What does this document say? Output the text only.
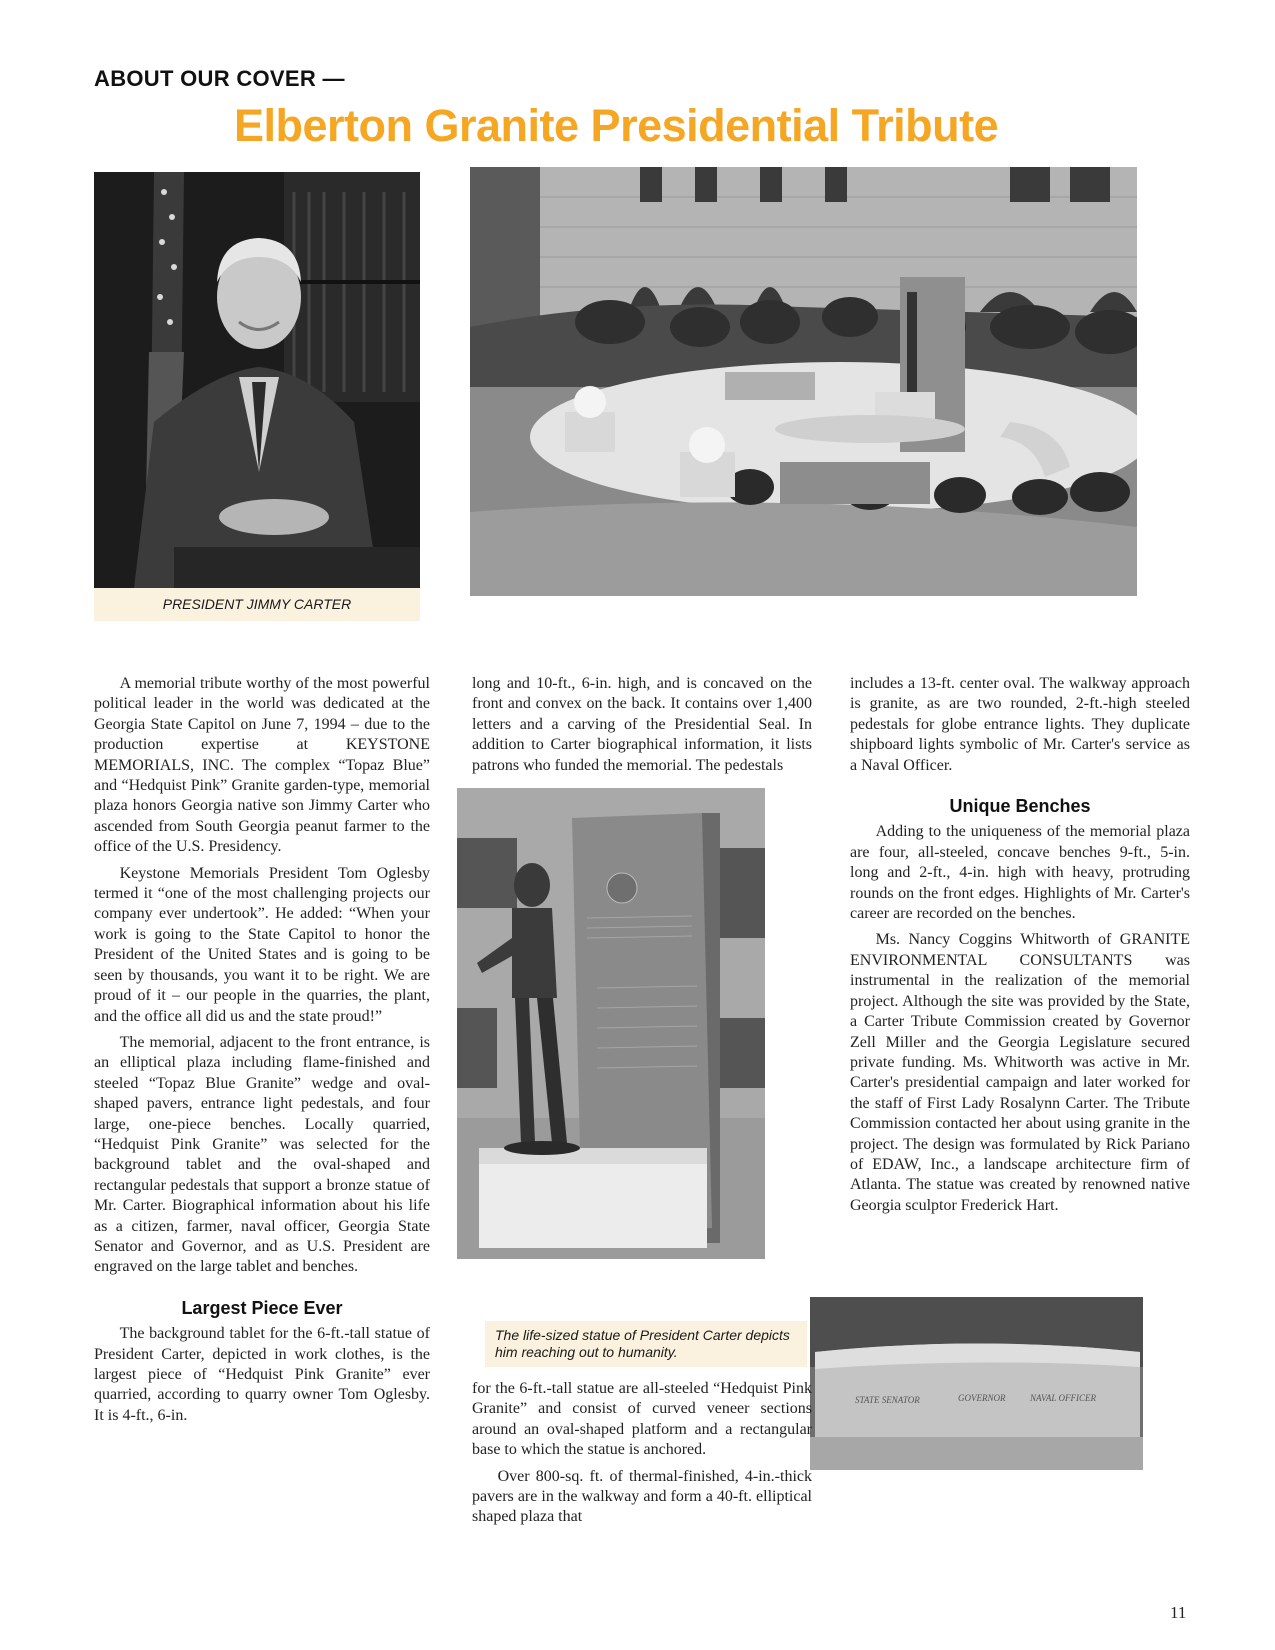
ABOUT OUR COVER —
Elberton Granite Presidential Tribute
PRESIDENT JIMMY CARTER
The life-sized statue of President Carter depicts him reaching out to humanity.
STATE SENATOR	GOVERNOR	NAVAL OFFICER

A memorial tribute worthy of the most powerful political leader in the world was dedicated at the Georgia State Capitol on June 7, 1994 – due to the production expertise at KEYSTONE MEMORIALS, INC. The complex “Topaz Blue” and “Hedquist Pink” Granite garden-type, memorial plaza honors Georgia native son Jimmy Carter who ascended from South Georgia peanut farmer to the office of the U.S. Presidency.

Keystone Memorials President Tom Oglesby termed it “one of the most challenging projects our company ever undertook”. He added: “When your work is going to the State Capitol to honor the President of the United States and is going to be seen by thousands, you want it to be right. We are proud of it – our people in the quarries, the plant, and the office all did us and the state proud!”

The memorial, adjacent to the front entrance, is an elliptical plaza including flame-finished and steeled “Topaz Blue Granite” wedge and oval-shaped pavers, entrance light pedestals, and four large, one-piece benches. Locally quarried, “Hedquist Pink Granite” was selected for the background tablet and the oval-shaped and rectangular pedestals that support a bronze statue of Mr. Carter. Biographical information about his life as a citizen, farmer, naval officer, Georgia State Senator and Governor, and as U.S. President are engraved on the large tablet and benches.

Largest Piece Ever

The background tablet for the 6-ft.-tall statue of President Carter, depicted in work clothes, is the largest piece of “Hedquist Pink Granite” ever quarried, according to quarry owner Tom Oglesby. It is 4-ft., 6-in.

long and 10-ft., 6-in. high, and is concaved on the front and convex on the back. It contains over 1,400 letters and a carving of the Presidential Seal. In addition to Carter biographical information, it lists patrons who funded the memorial. The pedestals

for the 6-ft.-tall statue are all-steeled “Hedquist Pink Granite” and consist of curved veneer sections around an oval-shaped platform and a rectangular base to which the statue is anchored.

Over 800-sq. ft. of thermal-finished, 4-in.-thick pavers are in the walkway and form a 40-ft. elliptical shaped plaza that

includes a 13-ft. center oval. The walkway approach is granite, as are two rounded, 2-ft.-high steeled pedestals for globe entrance lights. They duplicate shipboard lights symbolic of Mr. Carter's service as a Naval Officer.

Unique Benches

Adding to the uniqueness of the memorial plaza are four, all-steeled, concave benches 9-ft., 5-in. long and 2-ft., 4-in. high with heavy, protruding rounds on the front edges. Highlights of Mr. Carter's career are recorded on the benches.

Ms. Nancy Coggins Whitworth of GRANITE ENVIRONMENTAL CONSULTANTS was instrumental in the realization of the memorial project. Although the site was provided by the State, a Carter Tribute Commission created by Governor Zell Miller and the Georgia Legislature secured private funding. Ms. Whitworth was active in Mr. Carter's presidential campaign and later worked for the staff of First Lady Rosalynn Carter. The Tribute Commission contacted her about using granite in the project. The design was formulated by Rick Pariano of EDAW, Inc., a landscape architecture firm of Atlanta. The statue was created by renowned native Georgia sculptor Frederick Hart.

11
